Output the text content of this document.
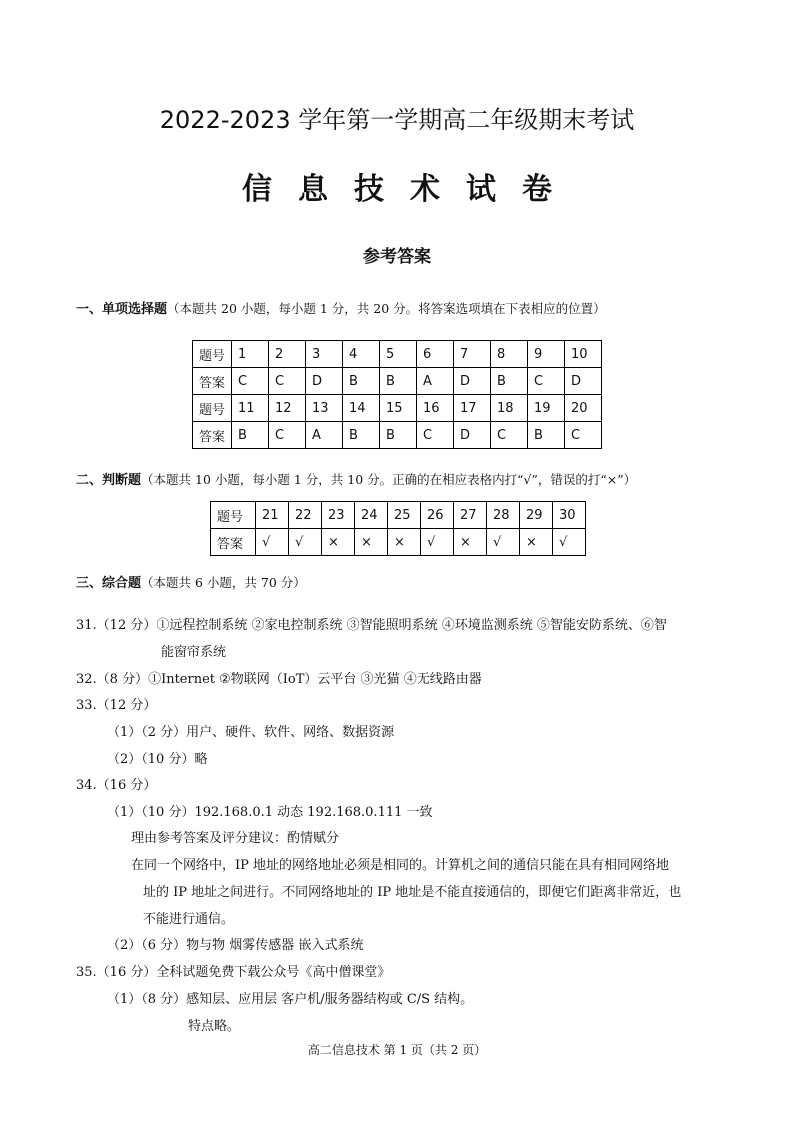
2022-2023 学年第一学期高二年级期末考试
信息技术试卷
参考答案
一、单项选择题（本题共 20 小题，每小题 1 分，共 20 分。将答案选项填在下表相应的位置）
题号	1	2	3	4	5	6	7	8	9	10
答案	C	C	D	B	B	A	D	B	C	D
题号	11	12	13	14	15	16	17	18	19	20
答案	B	C	A	B	B	C	D	C	B	C
二、判断题（本题共 10 小题，每小题 1 分，共 10 分。正确的在相应表格内打“√”，错误的打“×”）
题号	21	22	23	24	25	26	27	28	29	30
答案	√	√	×	×	×	√	×	√	×	√
三、综合题（本题共 6 小题，共 70 分）
31.（12 分）①远程控制系统 ②家电控制系统 ③智能照明系统 ④环境监测系统 ⑤智能安防系统、⑥智
能窗帘系统
32.（8 分）①Internet ②物联网（IoT）云平台 ③光猫 ④无线路由器
33.（12 分）
（1）（2 分）用户、硬件、软件、网络、数据资源
（2）（10 分）略
34.（16 分）
（1）（10 分）192.168.0.1 动态 192.168.0.111 一致
理由参考答案及评分建议：酌情赋分
在同一个网络中，IP 地址的网络地址必须是相同的。计算机之间的通信只能在具有相同网络地
址的 IP 地址之间进行。不同网络地址的 IP 地址是不能直接通信的，即便它们距离非常近，也
不能进行通信。
（2）（6 分）物与物 烟雾传感器 嵌入式系统
35.（16 分）全科试题免费下载公众号《高中僧课堂》
（1）（8 分）感知层、应用层 客户机/服务器结构或 C/S 结构。
特点略。
高二信息技术 第 1 页（共 2 页）
